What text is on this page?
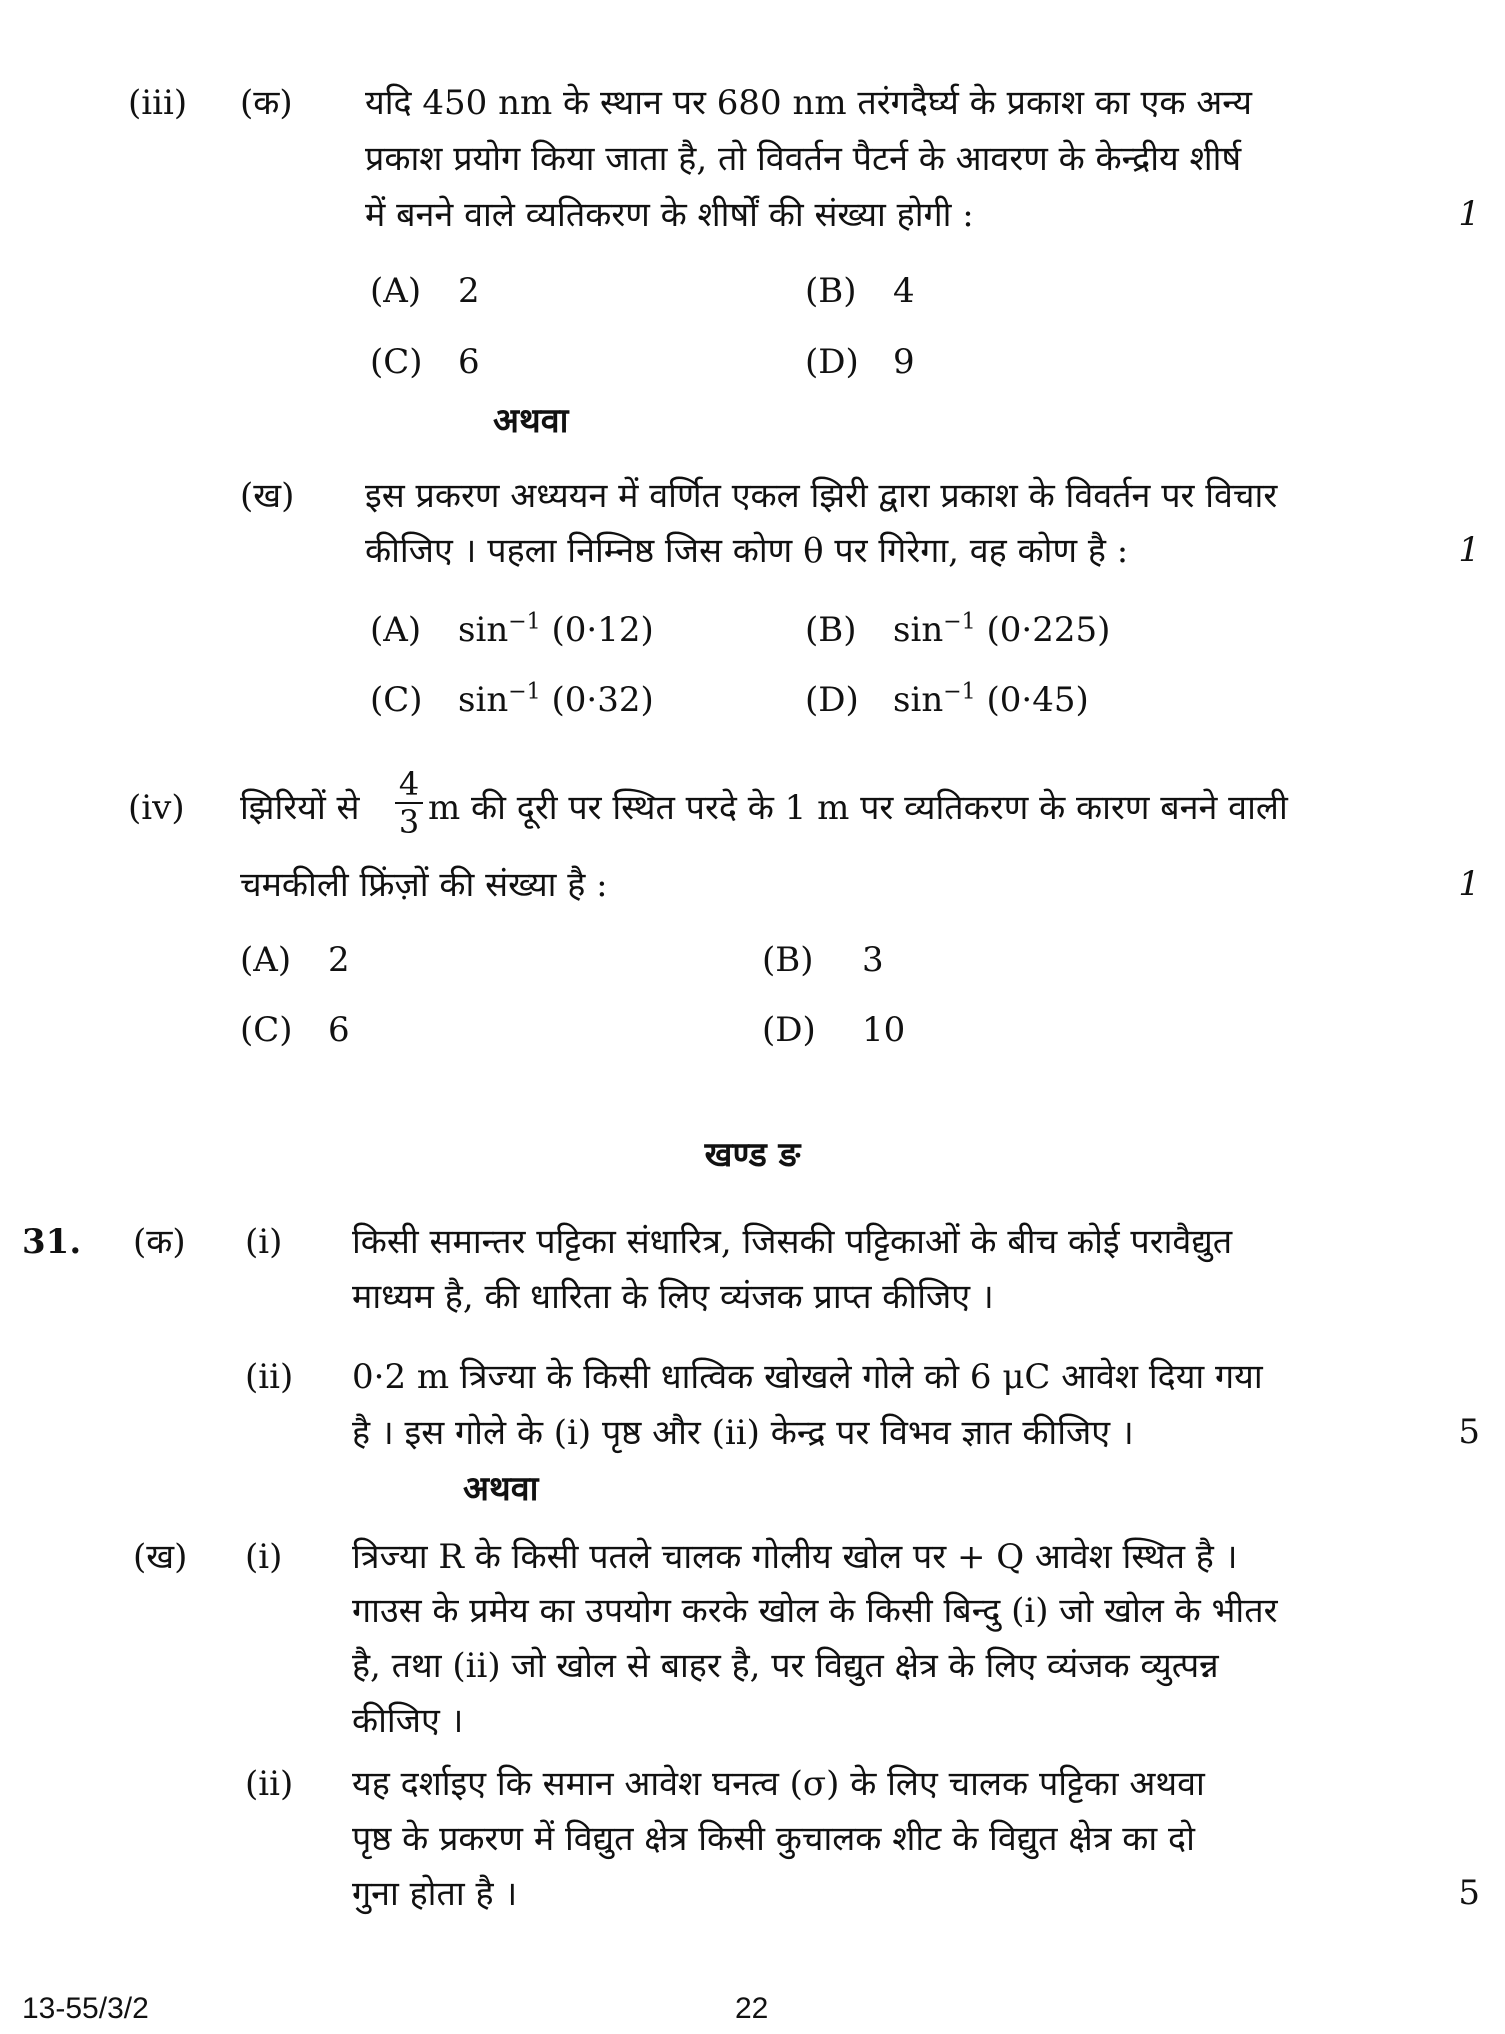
(iii) (क) यदि 450 nm के स्थान पर 680 nm तरंगदैर्घ्य के प्रकाश का एक अन्य
प्रकाश प्रयोग किया जाता है, तो विवर्तन पैटर्न के आवरण के केन्द्रीय शीर्ष
में बनने वाले व्यतिकरण के शीर्षों की संख्या होगी :	1
(A) 2	(B) 4
(C) 6	(D) 9
अथवा
(ख) इस प्रकरण अध्ययन में वर्णित एकल झिरी द्वारा प्रकाश के विवर्तन पर विचार
कीजिए । पहला निम्निष्ठ जिस कोण θ पर गिरेगा, वह कोण है :	1
(A) $\sin^{-1} (0\cdot 12)$	(B) $\sin^{-1} (0\cdot 225)$
(C) $\sin^{-1} (0\cdot 32)$	(D) $\sin^{-1} (0\cdot 45)$
(iv) झिरियों से $\frac{4}{3}$ m की दूरी पर स्थित परदे के 1 m पर व्यतिकरण के कारण बनने वाली
चमकीली फ्रिंज़ों की संख्या है :	1
(A) 2	(B) 3
(C) 6	(D) 10
खण्ड ङ
31. (क) (i) किसी समान्तर पट्टिका संधारित्र, जिसकी पट्टिकाओं के बीच कोई परावैद्युत
माध्यम है, की धारिता के लिए व्यंजक प्राप्त कीजिए ।
(ii) 0·2 m त्रिज्या के किसी धात्विक खोखले गोले को 6 μC आवेश दिया गया
है । इस गोले के (i) पृष्ठ और (ii) केन्द्र पर विभव ज्ञात कीजिए ।	5
अथवा
(ख) (i) त्रिज्या R के किसी पतले चालक गोलीय खोल पर + Q आवेश स्थित है ।
गाउस के प्रमेय का उपयोग करके खोल के किसी बिन्दु (i) जो खोल के भीतर
है, तथा (ii) जो खोल से बाहर है, पर विद्युत क्षेत्र के लिए व्यंजक व्युत्पन्न
कीजिए ।
(ii) यह दर्शाइए कि समान आवेश घनत्व (σ) के लिए चालक पट्टिका अथवा
पृष्ठ के प्रकरण में विद्युत क्षेत्र किसी कुचालक शीट के विद्युत क्षेत्र का दो
गुना होता है ।	5
13-55/3/2	22
